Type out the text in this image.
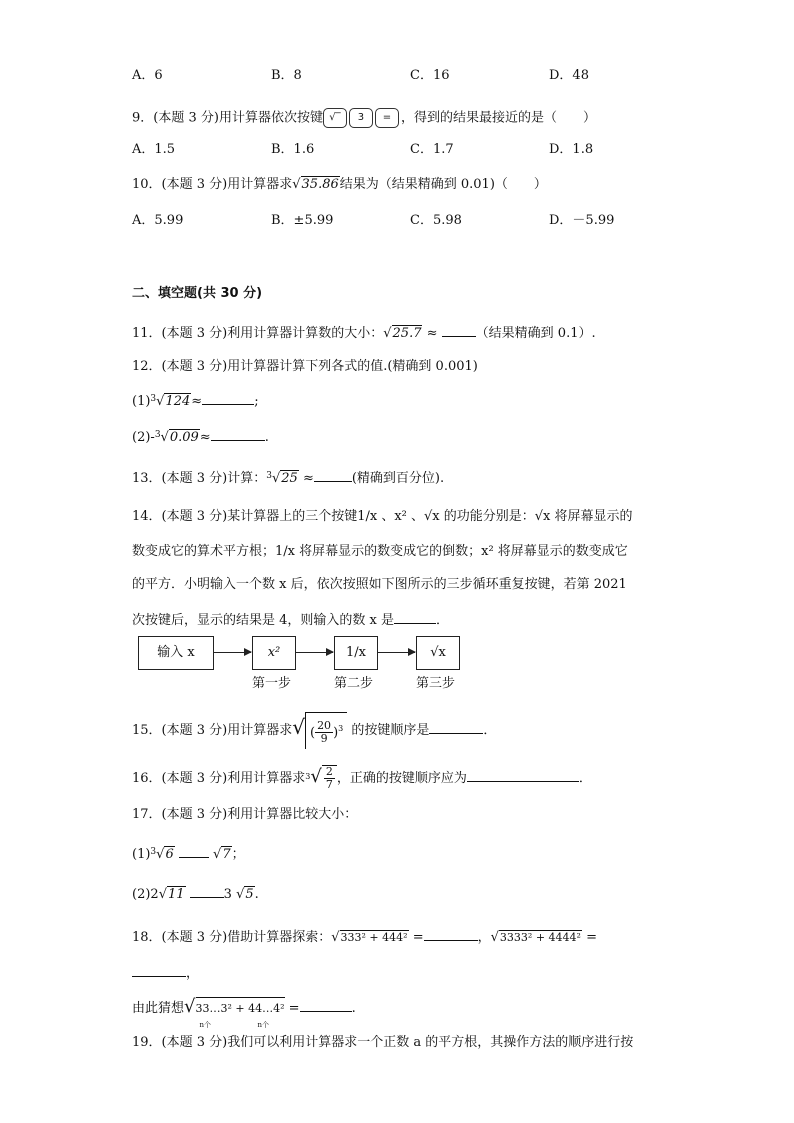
A．6	B．8	C．16	D．48
9．(本题 3 分)用计算器依次按键 √‾ 3 = ，得到的结果最接近的是（　　）
A．1.5	B．1.6	C．1.7	D．1.8
10．(本题 3 分)用计算器求√35.86结果为（结果精确到 0.01)（　　）
A．5.99	B．±5.99	C．5.98	D．－5.99
二、填空题(共 30 分)
11．(本题 3 分)利用计算器计算数的大小：√25.7 ≈	（结果精确到 0.1）.
12．(本题 3 分)用计算器计算下列各式的值.(精确到 0.001)
$(1)^3√124\approx$	;
(2)-$^3$√0.09≈	.
13．(本题 3 分)计算：$^3$√25 ≈	(精确到百分位).
14．(本题 3 分)某计算器上的三个按键1/x 、x² 、√x 的功能分别是：√x 将屏幕显示的
数变成它的算术平方根；1/x 将屏幕显示的数变成它的倒数；x² 将屏幕显示的数变成它
的平方．小明输入一个数 x 后，依次按照如下图所示的三步循环重复按键，若第 2021
次按键后，显示的结果是 4，则输入的数 x 是	．
输入 x	x²	1/x	√x
第一步	第二步	第三步
15．(本题 3 分)用计算器求√ ( $\frac{20}{9} )^3$ 的按键顺序是	．
16．(本题 3 分)利用计算器求$^3√ \frac{2}{7}$ ，正确的按键顺序应为	．
17．(本题 3 分)利用计算器比较大小：
$(1)^3√6$	√7；
(2)2√11	3 √5.
18．(本题 3 分)借助计算器探索：√333² + 444² =	，√3333² + 4444² =
，
由此猜想√33…3² + 44…4²
n个	n个
=	.
19．(本题 3 分)我们可以利用计算器求一个正数 a 的平方根，其操作方法的顺序进行按
